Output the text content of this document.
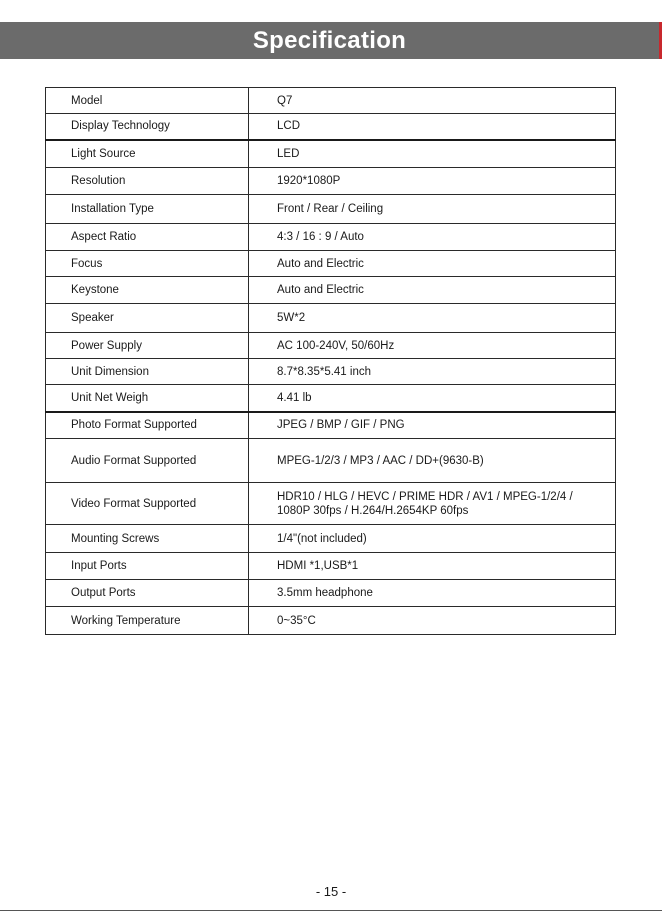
Specification
Model	Q7
Display Technology	LCD
Light Source	LED
Resolution	1920*1080P
Installation Type	Front / Rear / Ceiling
Aspect Ratio	4:3 / 16 : 9 / Auto
Focus	Auto and Electric
Keystone	Auto and Electric
Speaker	5W*2
Power Supply	AC 100-240V, 50/60Hz
Unit Dimension	8.7*8.35*5.41 inch
Unit Net Weigh	4.41 lb
Photo Format Supported	JPEG / BMP / GIF / PNG
Audio Format Supported	MPEG-1/2/3 / MP3 / AAC / DD+(9630-B)
Video Format Supported	HDR10 / HLG / HEVC / PRIME HDR / AV1 / MPEG-1/2/4 / 1080P 30fps / H.264/H.2654KP 60fps
Mounting Screws	1/4"(not included)
Input Ports	HDMI *1,USB*1
Output Ports	3.5mm headphone
Working Temperature	0~35°C
- 15 -
